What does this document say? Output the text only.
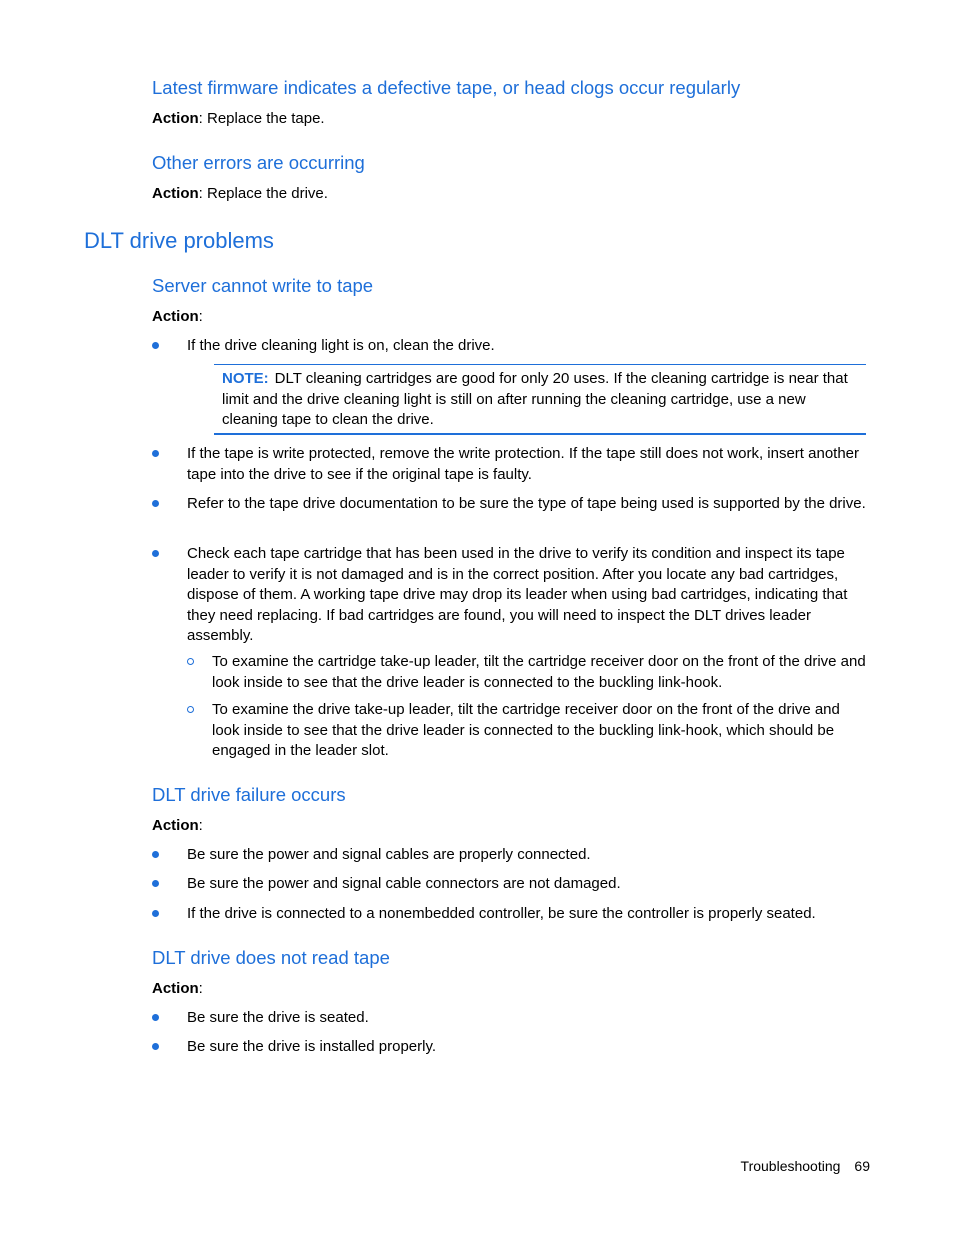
Latest firmware indicates a defective tape, or head clogs occur regularly

Action: Replace the tape.

Other errors are occurring

Action: Replace the drive.

DLT drive problems
Server cannot write to tape

Action:

If the drive cleaning light is on, clean the drive.
NOTE: DLT cleaning cartridges are good for only 20 uses. If the cleaning cartridge is near that limit and the drive cleaning light is still on after running the cleaning cartridge, use a new cleaning tape to clean the drive.
If the tape is write protected, remove the write protection. If the tape still does not work, insert another tape into the drive to see if the original tape is faulty.
Refer to the tape drive documentation to be sure the type of tape being used is supported by the drive.
Check each tape cartridge that has been used in the drive to verify its condition and inspect its tape leader to verify it is not damaged and is in the correct position. After you locate any bad cartridges, dispose of them. A working tape drive may drop its leader when using bad cartridges, indicating that they need replacing. If bad cartridges are found, you will need to inspect the DLT drives leader assembly.
To examine the cartridge take-up leader, tilt the cartridge receiver door on the front of the drive and look inside to see that the drive leader is connected to the buckling link-hook.
To examine the drive take-up leader, tilt the cartridge receiver door on the front of the drive and look inside to see that the drive leader is connected to the buckling link-hook, which should be engaged in the leader slot.
DLT drive failure occurs

Action:

Be sure the power and signal cables are properly connected.
Be sure the power and signal cable connectors are not damaged.
If the drive is connected to a nonembedded controller, be sure the controller is properly seated.
DLT drive does not read tape

Action:

Be sure the drive is seated.
Be sure the drive is installed properly.
Troubleshooting 69
